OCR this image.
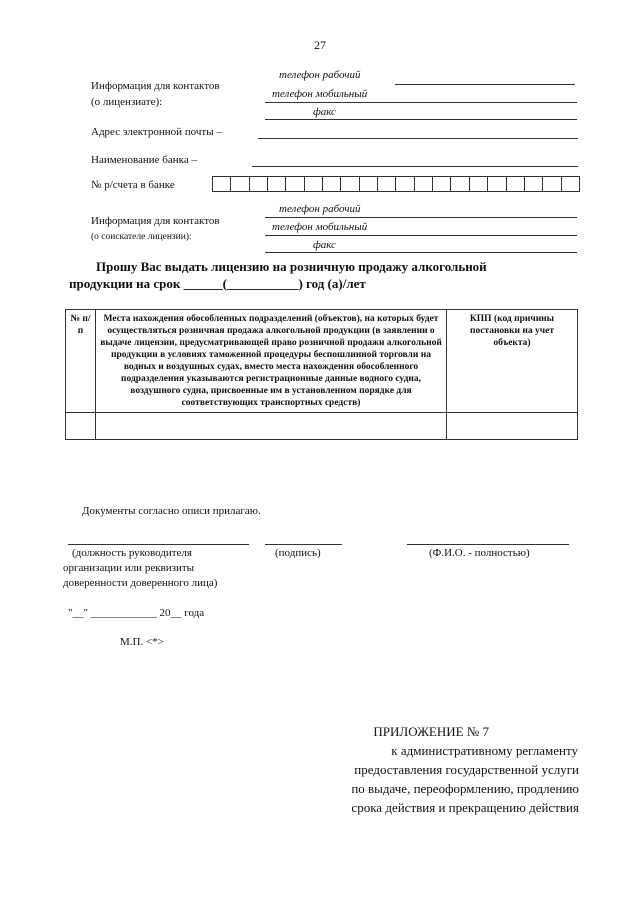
27
Информация для контактов
(о лицензиате):
телефон рабочий
телефон мобильный
факс
Адрес электронной почты –
Наименование банка –
№ р/счета в банке
Информация для контактов
(о соискателе лицензии):
телефон рабочий
телефон мобильный
факс
Прошу Вас выдать лицензию на розничную продажу алкогольной
продукции на срок ______(___________) год (а)/лет
№ п/п	Места нахождения обособленных подразделений (объектов), на которых будет осуществляться розничная продажа алкогольной продукции (в заявлении о выдаче лицензии, предусматривающей право розничной продажи алкогольной продукции в условиях таможенной процедуры беспошлинной торговли на водных и воздушных судах, вместо места нахождения обособленного подразделения указываются регистрационные данные водного судна, воздушного судна, присвоенные им в установленном порядке для соответствующих транспортных средств)	КПП (код причины постановки на учет объекта)

Документы согласно описи прилагаю.
(должность руководителя
организации или реквизиты
доверенности доверенного лица)
(подпись)	(Ф.И.О. - полностью)
"__" ____________ 20__ года
М.П. <*>
ПРИЛОЖЕНИЕ № 7
к административному регламенту
предоставления государственной услуги
по выдаче, переоформлению, продлению
срока действия и прекращению действия
